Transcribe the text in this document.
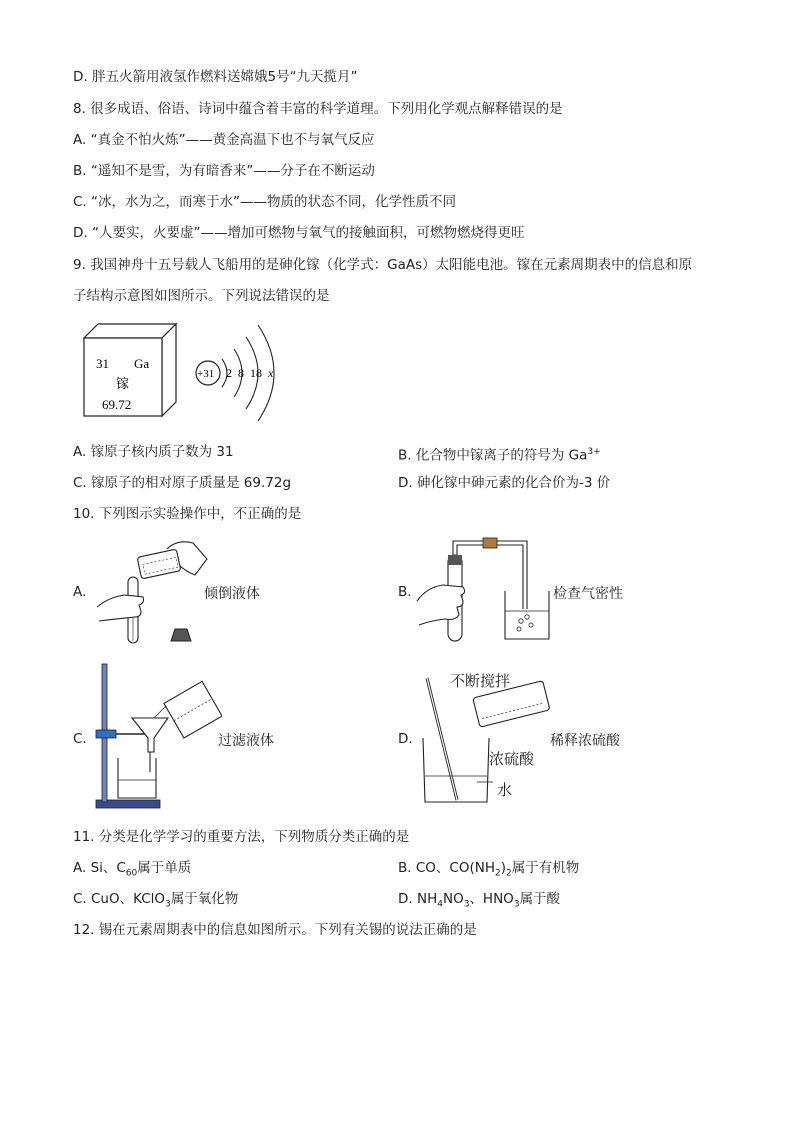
D. 胖五火箭用液氢作燃料送嫦娥5号“九天揽月”
8. 很多成语、俗语、诗词中蕴含着丰富的科学道理。下列用化学观点解释错误的是
A. “真金不怕火炼”——黄金高温下也不与氧气反应
B. “遥知不是雪，为有暗香来”——分子在不断运动
C. “冰，水为之，而寒于水”——物质的状态不同，化学性质不同
D. “人要实，火要虚”——增加可燃物与氧气的接触面积，可燃物燃烧得更旺
9. 我国神舟十五号载人飞船用的是砷化镓（化学式：GaAs）太阳能电池。镓在元素周期表中的信息和原
子结构示意图如图所示。下列说法错误的是
31 Ga
镓
69.72
+31 2 8 18 x
A. 镓原子核内质子数为 31	B. 化合物中镓离子的符号为 $Ga^{3+}$
C. 镓原子的相对原子质量是 69.72g	D. 砷化镓中砷元素的化合价为-3 价
10. 下列图示实验操作中，不正确的是
A.	倾倒液体	B.	检查气密性
C.	过滤液体	D.
不断搅拌
浓硫酸
水
稀释浓硫酸
11. 分类是化学学习的重要方法，下列物质分类正确的是
A. Si、$C_{60}$属于单质	B. CO、$CO(NH_2)_2$属于有机物
C. CuO、KClO$_3$属于氧化物	D. $NH_4NO_3$、$HNO_3$属于酸
12. 锡在元素周期表中的信息如图所示。下列有关锡的说法正确的是
